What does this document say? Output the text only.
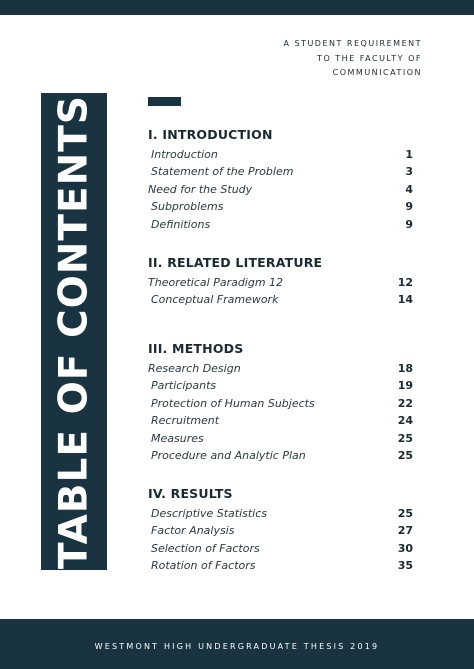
A STUDENT REQUIREMENT
TO THE FACULTY OF
COMMUNICATION
TABLE OF CONTENTS	I. INTRODUCTION
Introduction	1
Statement of the Problem	3
Need for the Study	4
Subproblems	9
Definitions	9
II. RELATED LITERATURE
Theoretical Paradigm 12	12
Conceptual Framework	14
III. METHODS
Research Design	18
Participants	19
Protection of Human Subjects	22
Recruitment	24
Measures	25
Procedure and Analytic Plan	25
IV. RESULTS
Descriptive Statistics	25
Factor Analysis	27
Selection of Factors	30
Rotation of Factors	35
WESTMONT HIGH UNDERGRADUATE THESIS 2019
